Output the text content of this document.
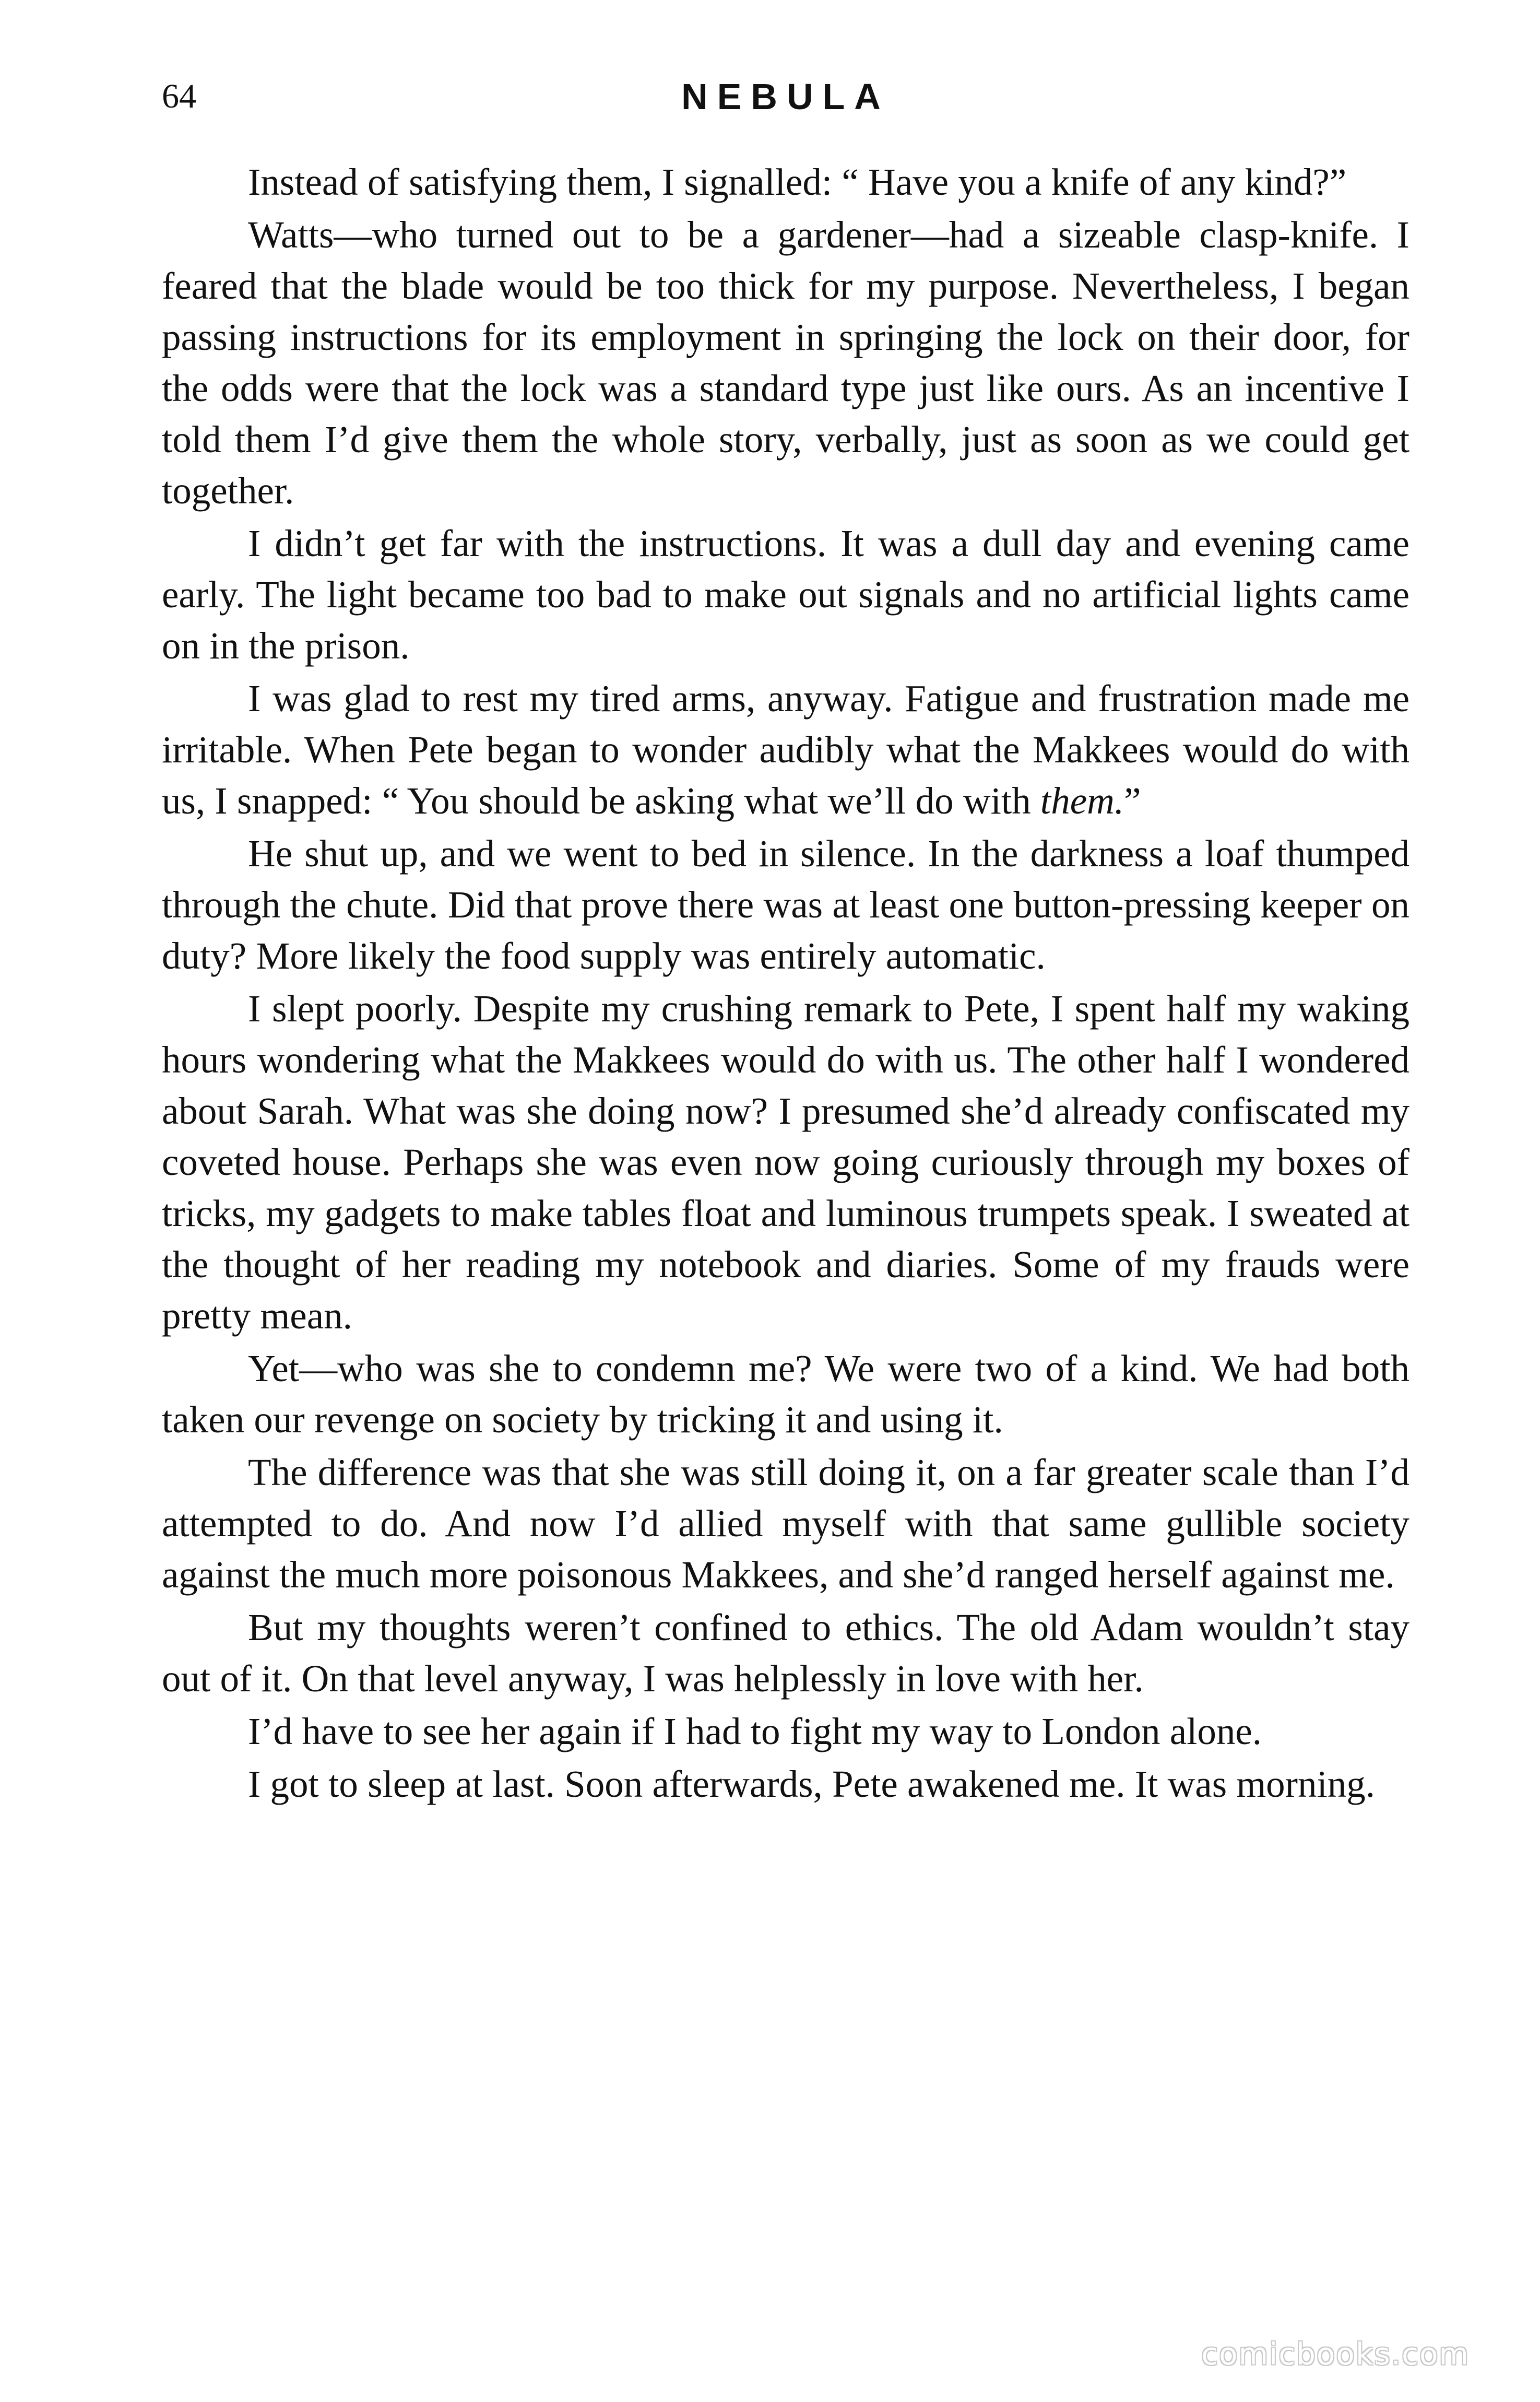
64	NEBULA

Instead of satisfying them, I signalled: “ Have you a knife of any kind?”

Watts—who turned out to be a gardener—had a sizeable clasp-knife. I feared that the blade would be too thick for my purpose. Nevertheless, I began passing instructions for its employment in springing the lock on their door, for the odds were that the lock was a standard type just like ours. As an incentive I told them I’d give them the whole story, verbally, just as soon as we could get together.

I didn’t get far with the instructions. It was a dull day and evening came early. The light became too bad to make out signals and no artificial lights came on in the prison.

I was glad to rest my tired arms, anyway. Fatigue and frustration made me irritable. When Pete began to wonder audibly what the Makkees would do with us, I snapped: “ You should be asking what we’ll do with them.”

He shut up, and we went to bed in silence. In the darkness a loaf thumped through the chute. Did that prove there was at least one button-pressing keeper on duty? More likely the food supply was entirely automatic.

I slept poorly. Despite my crushing remark to Pete, I spent half my waking hours wondering what the Makkees would do with us. The other half I wondered about Sarah. What was she doing now? I presumed she’d already confiscated my coveted house. Perhaps she was even now going curiously through my boxes of tricks, my gadgets to make tables float and luminous trumpets speak. I sweated at the thought of her reading my notebook and diaries. Some of my frauds were pretty mean.

Yet—who was she to condemn me? We were two of a kind. We had both taken our revenge on society by tricking it and using it.

The difference was that she was still doing it, on a far greater scale than I’d attempted to do. And now I’d allied myself with that same gullible society against the much more poisonous Makkees, and she’d ranged herself against me.

But my thoughts weren’t confined to ethics. The old Adam wouldn’t stay out of it. On that level anyway, I was helplessly in love with her.

I’d have to see her again if I had to fight my way to London alone.

I got to sleep at last. Soon afterwards, Pete awakened me. It was morning.

comicbooks.com
